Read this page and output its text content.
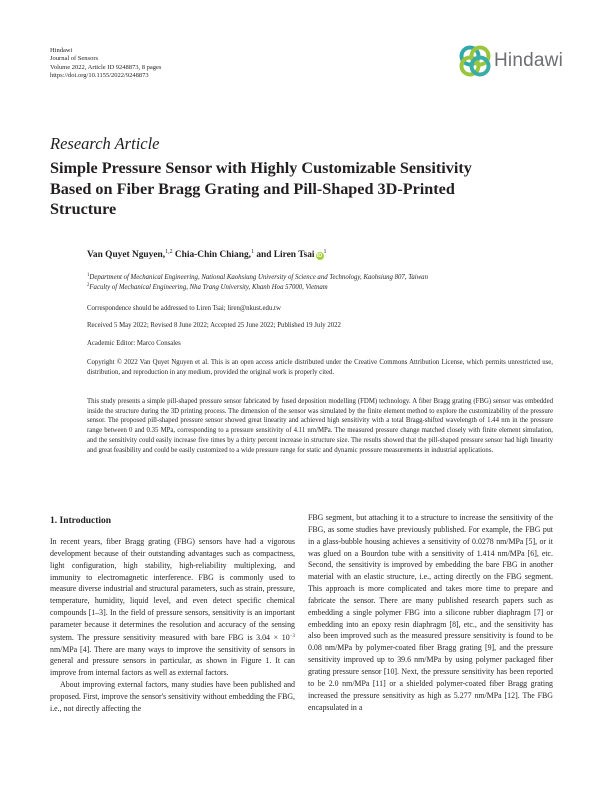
Hindawi
Journal of Sensors
Volume 2022, Article ID 9248873, 8 pages
https://doi.org/10.1155/2022/9248873
Hindawi
Research Article
Simple Pressure Sensor with Highly Customizable Sensitivity Based on Fiber Bragg Grating and Pill-Shaped 3D-Printed Structure
Van Quyet Nguyen,$^{1,2}$ Chia-Chin Chiang,$^1$ and Liren Tsai $iD^1$
$^1$Department of Mechanical Engineering, National Kaohsiung University of Science and Technology, Kaohsiung 807, Taiwan
$^2$Faculty of Mechanical Engineering, Nha Trang University, Khanh Hoa 57000, Vietnam
Correspondence should be addressed to Liren Tsai; liren@nkust.edu.tw
Received 5 May 2022; Revised 8 June 2022; Accepted 25 June 2022; Published 19 July 2022
Academic Editor: Marco Consales
Copyright © 2022 Van Quyet Nguyen et al. This is an open access article distributed under the Creative Commons Attribution License, which permits unrestricted use, distribution, and reproduction in any medium, provided the original work is properly cited.
This study presents a simple pill-shaped pressure sensor fabricated by fused deposition modelling (FDM) technology. A fiber Bragg grating (FBG) sensor was embedded inside the structure during the 3D printing process. The dimension of the sensor was simulated by the finite element method to explore the customizability of the pressure sensor. The proposed pill-shaped pressure sensor showed great linearity and achieved high sensitivity with a total Bragg-shifted wavelength of 1.44 nm in the pressure range between 0 and 0.35 MPa, corresponding to a pressure sensitivity of 4.11 nm/MPa. The measured pressure change matched closely with finite element simulation, and the sensitivity could easily increase five times by a thirty percent increase in structure size. The results showed that the pill-shaped pressure sensor had high linearity and great feasibility and could be easily customized to a wide pressure range for static and dynamic pressure measurements in industrial applications.
1. Introduction

In recent years, fiber Bragg grating (FBG) sensors have had a vigorous development because of their outstanding advantages such as compactness, light configuration, high stability, high-reliability multiplexing, and immunity to electromagnetic interference. FBG is commonly used to measure diverse industrial and structural parameters, such as strain, pressure, temperature, humidity, liquid level, and even detect specific chemical compounds [1–3]. In the field of pressure sensors, sensitivity is an important parameter because it determines the resolution and accuracy of the sensing system. The pressure sensitivity measured with bare FBG is $3.04 \times 10^{-3}$ nm/MPa [4]. There are many ways to improve the sensitivity of sensors in general and pressure sensors in particular, as shown in Figure 1. It can improve from internal factors as well as external factors.

About improving external factors, many studies have been published and proposed. First, improve the sensor's sensitivity without embedding the FBG, i.e., not directly affecting the

FBG segment, but attaching it to a structure to increase the sensitivity of the FBG, as some studies have previously published. For example, the FBG put in a glass-bubble housing achieves a sensitivity of 0.0278 nm/MPa [5], or it was glued on a Bourdon tube with a sensitivity of 1.414 nm/MPa [6], etc. Second, the sensitivity is improved by embedding the bare FBG in another material with an elastic structure, i.e., acting directly on the FBG segment. This approach is more complicated and takes more time to prepare and fabricate the sensor. There are many published research papers such as embedding a single polymer FBG into a silicone rubber diaphragm [7] or embedding into an epoxy resin diaphragm [8], etc., and the sensitivity has also been improved such as the measured pressure sensitivity is found to be 0.08 nm/MPa by polymer-coated fiber Bragg grating [9], and the pressure sensitivity improved up to 39.6 nm/MPa by using polymer packaged fiber grating pressure sensor [10]. Next, the pressure sensitivity has been reported to be 2.0 nm/MPa [11] or a shielded polymer-coated fiber Bragg grating increased the pressure sensitivity as high as 5.277 nm/MPa [12]. The FBG encapsulated in a
